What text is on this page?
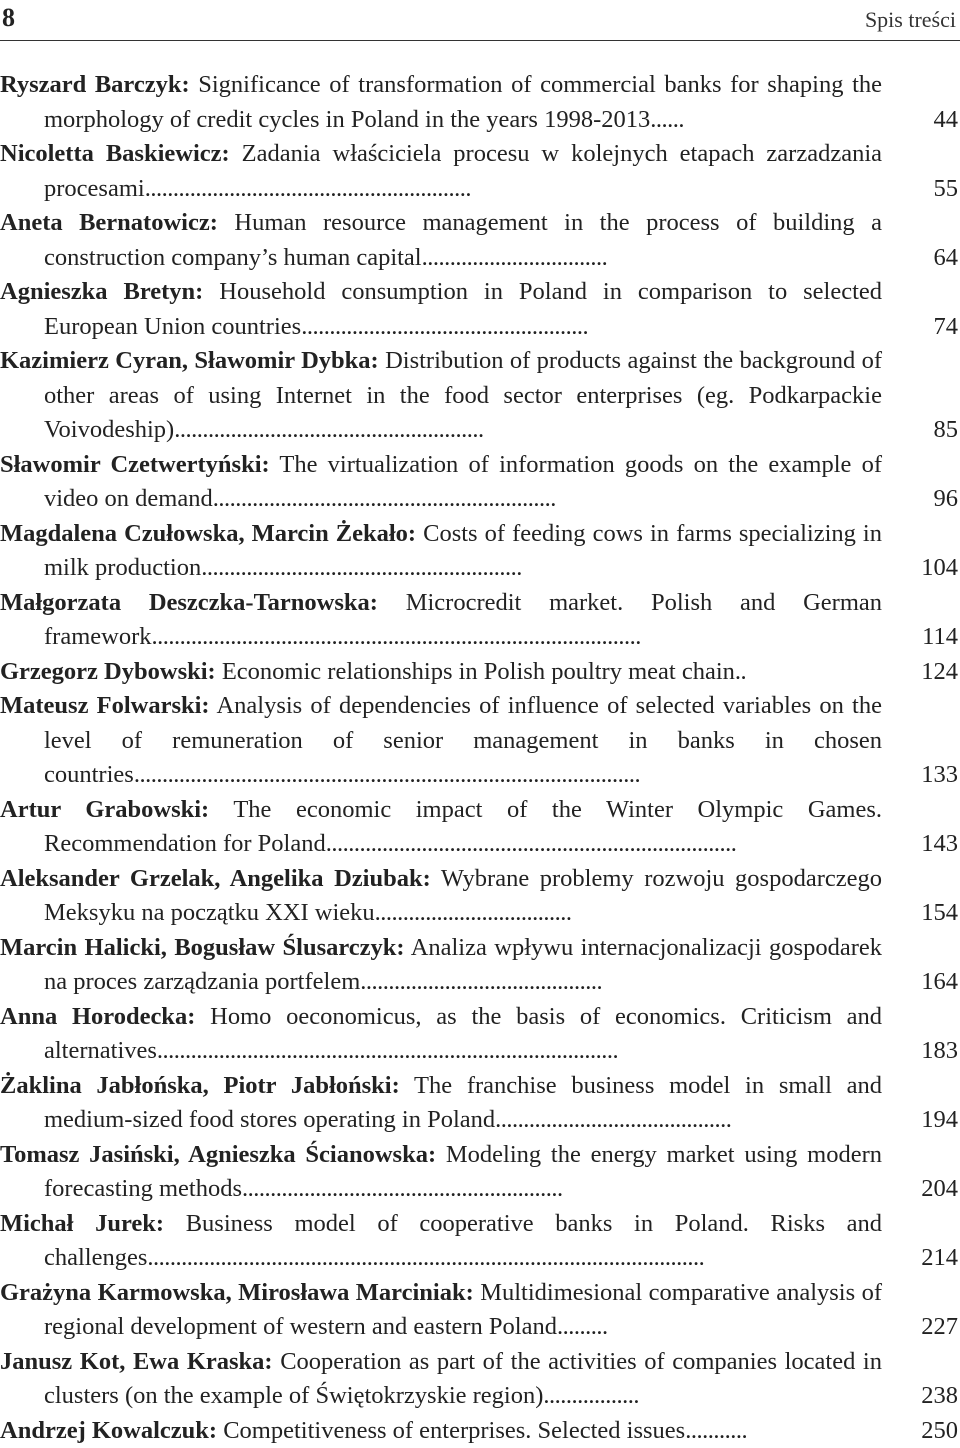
8	Spis treści
Ryszard Barczyk: Significance of transformation of commercial banks for shaping the morphology of credit cycles in Poland in the years 1998-2013......	44
Nicoletta Baskiewicz: Zadania właściciela procesu w kolejnych etapach zarzadzania procesami..........................................................	55
Aneta Bernatowicz: Human resource management in the process of building a construction company’s human capital.................................	64
Agnieszka Bretyn: Household consumption in Poland in comparison to selected European Union countries...................................................	74
Kazimierz Cyran, Sławomir Dybka: Distribution of products against the background of other areas of using Internet in the food sector enterprises (eg. Podkarpackie Voivodeship).......................................................	85
Sławomir Czetwertyński: The virtualization of information goods on the example of video on demand.............................................................	96
Magdalena Czułowska, Marcin Żekało: Costs of feeding cows in farms specializing in milk production.........................................................	104
Małgorzata Deszczka-Tarnowska: Microcredit market. Polish and German framework.......................................................................................	114
Grzegorz Dybowski: Economic relationships in Polish poultry meat chain..	124
Mateusz Folwarski: Analysis of dependencies of influence of selected variables on the level of remuneration of senior management in banks in chosen countries..........................................................................................	133
Artur Grabowski: The economic impact of the Winter Olympic Games. Recommendation for Poland.........................................................................	143
Aleksander Grzelak, Angelika Dziubak: Wybrane problemy rozwoju gospodarczego Meksyku na początku XXI wieku...................................	154
Marcin Halicki, Bogusław Ślusarczyk: Analiza wpływu internacjonalizacji gospodarek na proces zarządzania portfelem...........................................	164
Anna Horodecka: Homo oeconomicus, as the basis of economics. Criticism and alternatives..................................................................................	183
Żaklina Jabłońska, Piotr Jabłoński: The franchise business model in small and medium-sized food stores operating in Poland..........................................	194
Tomasz Jasiński, Agnieszka Ścianowska: Modeling the energy market using modern forecasting methods.........................................................	204
Michał Jurek: Business model of cooperative banks in Poland. Risks and challenges...................................................................................................	214
Grażyna Karmowska, Mirosława Marciniak: Multidimesional comparative analysis of regional development of western and eastern Poland.........	227
Janusz Kot, Ewa Kraska: Cooperation as part of the activities of companies located in clusters (on the example of Świętokrzyskie region).................	238
Andrzej Kowalczuk: Competitiveness of enterprises. Selected issues...........	250
